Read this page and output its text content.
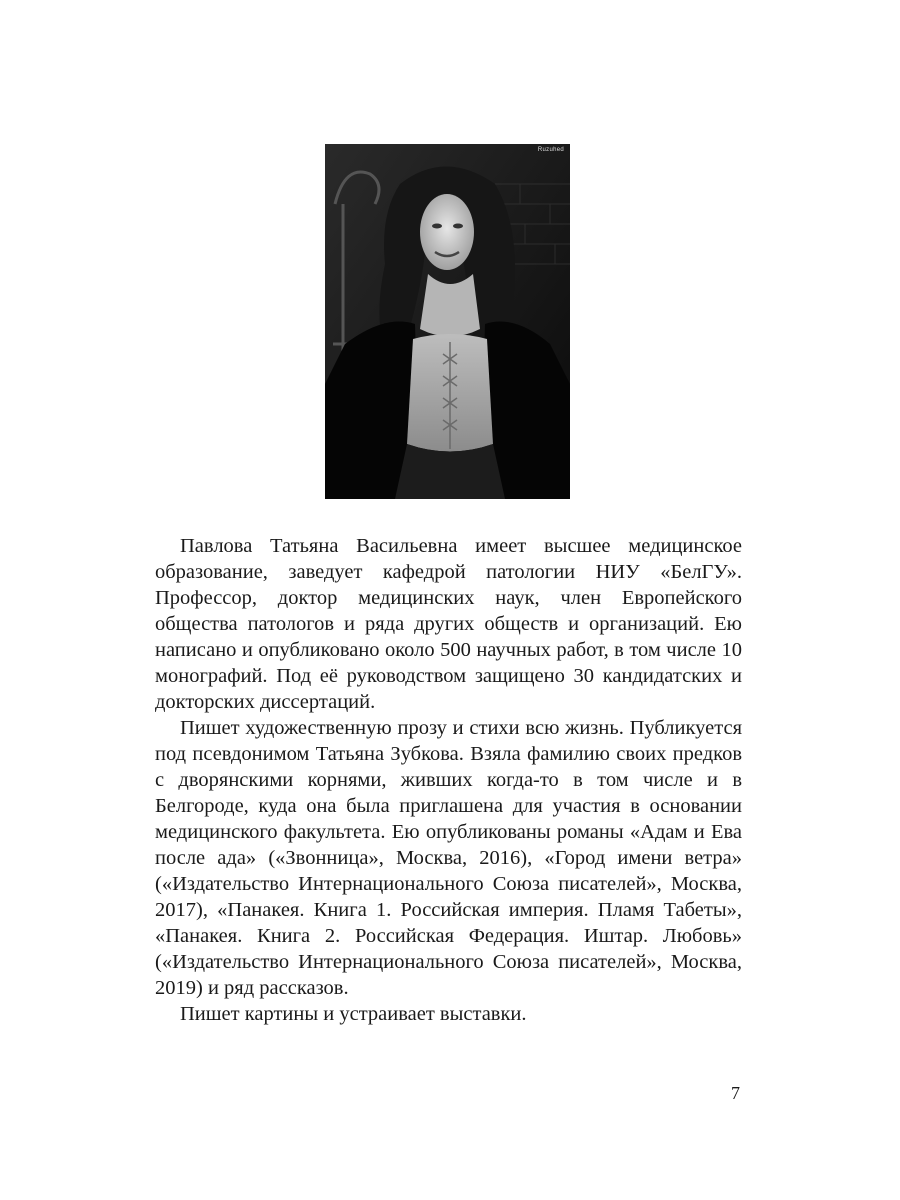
Ruzuhed

Павлова Татьяна Васильевна имеет высшее медицинское образование, заведует кафедрой патологии НИУ «БелГУ». Профессор, доктор медицинских наук, член Европейского общества патологов и ряда других обществ и организаций. Ею написано и опубликовано около 500 научных работ, в том числе 10 монографий. Под её руководством защищено 30 кандидатских и докторских диссертаций.

Пишет художественную прозу и стихи всю жизнь. Публикуется под псевдонимом Татьяна Зубкова. Взяла фамилию своих предков с дворянскими корнями, живших когда-то в том числе и в Белгороде, куда она была приглашена для участия в основании медицинского факультета. Ею опубликованы романы «Адам и Ева после ада» («Звонница», Москва, 2016), «Город имени ветра» («Издательство Интернационального Союза писателей», Москва, 2017), «Панакея. Книга 1. Российская империя. Пламя Табеты», «Панакея. Книга 2. Российская Федерация. Иштар. Любовь» («Издательство Интернационального Союза писателей», Москва, 2019) и ряд рассказов.

Пишет картины и устраивает выставки.

7
